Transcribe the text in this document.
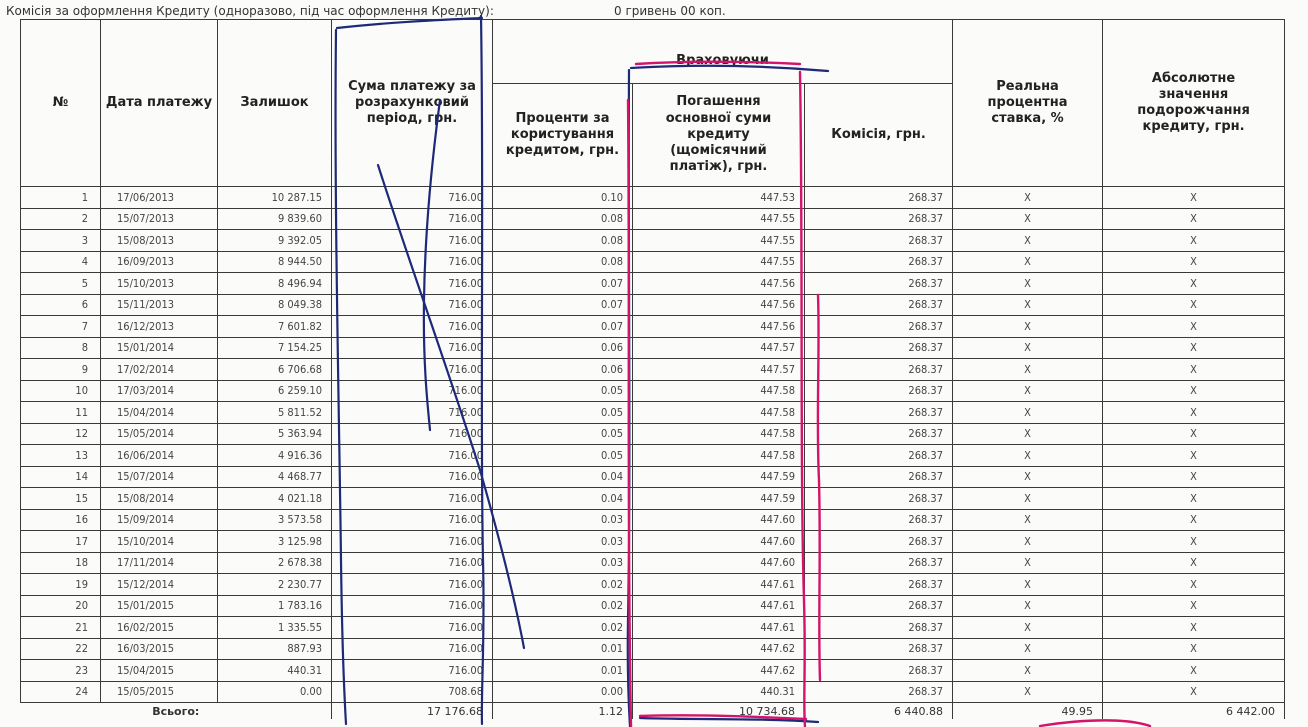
Комісія за оформлення Кредиту (одноразово, під час оформлення Кредиту):	0 гривень 00 коп.
№	Дата платежу	Залишок	Сума платежу за розрахунковий період, грн.	Враховуючи			Реальна процентна ставка, %	Абсолютне значення подорожчання кредиту, грн.
				Проценти за користування кредитом, грн.	Погашення основної суми кредиту (щомісячний платіж), грн.	Комісія, грн.		
1	17/06/2013	10 287.15	716.00	0.10	447.53	268.37	Х	Х
2	15/07/2013	9 839.60	716.00	0.08	447.55	268.37	Х	Х
3	15/08/2013	9 392.05	716.00	0.08	447.55	268.37	Х	Х
4	16/09/2013	8 944.50	716.00	0.08	447.55	268.37	Х	Х
5	15/10/2013	8 496.94	716.00	0.07	447.56	268.37	Х	Х
6	15/11/2013	8 049.38	716.00	0.07	447.56	268.37	Х	Х
7	16/12/2013	7 601.82	716.00	0.07	447.56	268.37	Х	Х
8	15/01/2014	7 154.25	716.00	0.06	447.57	268.37	Х	Х
9	17/02/2014	6 706.68	716.00	0.06	447.57	268.37	Х	Х
10	17/03/2014	6 259.10	716.00	0.05	447.58	268.37	Х	Х
11	15/04/2014	5 811.52	716.00	0.05	447.58	268.37	Х	Х
12	15/05/2014	5 363.94	716.00	0.05	447.58	268.37	Х	Х
13	16/06/2014	4 916.36	716.00	0.05	447.58	268.37	Х	Х
14	15/07/2014	4 468.77	716.00	0.04	447.59	268.37	Х	Х
15	15/08/2014	4 021.18	716.00	0.04	447.59	268.37	Х	Х
16	15/09/2014	3 573.58	716.00	0.03	447.60	268.37	Х	Х
17	15/10/2014	3 125.98	716.00	0.03	447.60	268.37	Х	Х
18	17/11/2014	2 678.38	716.00	0.03	447.60	268.37	Х	Х
19	15/12/2014	2 230.77	716.00	0.02	447.61	268.37	Х	Х
20	15/01/2015	1 783.16	716.00	0.02	447.61	268.37	Х	Х
21	16/02/2015	1 335.55	716.00	0.02	447.61	268.37	Х	Х
22	16/03/2015	887.93	716.00	0.01	447.62	268.37	Х	Х
23	15/04/2015	440.31	716.00	0.01	447.62	268.37	Х	Х
24	15/05/2015	0.00	708.68	0.00	440.31	268.37	Х	Х
Всього:			17 176.68	1.12	10 734.68	6 440.88	49.95	6 442.00
